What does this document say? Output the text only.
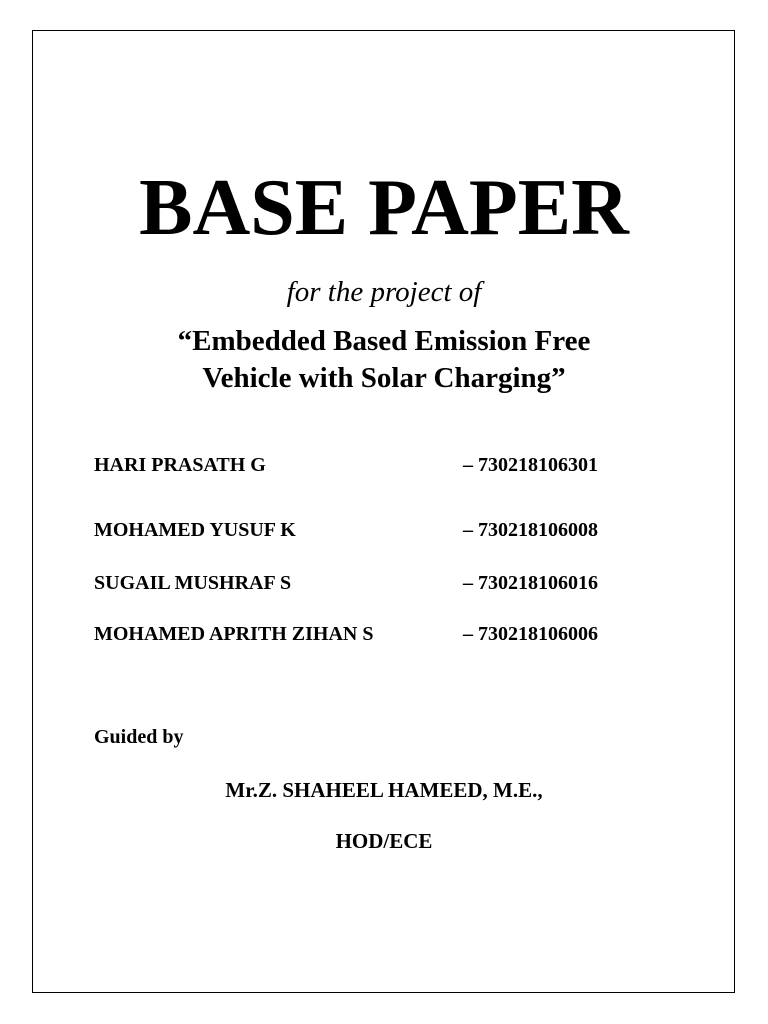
BASE PAPER
for the project of
“Embedded Based Emission Free
Vehicle with Solar Charging”
HARI PRASATH G	– 730218106301
MOHAMED YUSUF K	– 730218106008
SUGAIL MUSHRAF S	– 730218106016
MOHAMED APRITH ZIHAN S	– 730218106006
Guided by
Mr.Z. SHAHEEL HAMEED, M.E.,
HOD/ECE
